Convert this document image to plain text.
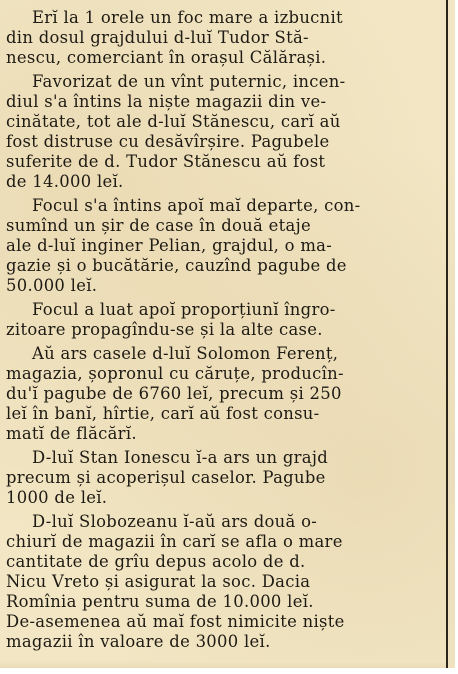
Erĭ la 1 orele un foc mare a izbucnit
din dosul grajdului d-luĭ Tudor Stă-
nescu, comerciant în orașul Călărași.

Favorizat de un vînt puternic, incen-
diul s'a întins la niște magazii din ve-
cinătate, tot ale d-luĭ Stănescu, carĭ aŭ
fost distruse cu desăvîrșire. Pagubele
suferite de d. Tudor Stănescu aŭ fost
de 14.000 leĭ.

Focul s'a întins apoĭ maĭ departe, con-
sumînd un șir de case în două etaje
ale d-luĭ inginer Pelian, grajdul, o ma-
gazie și o bucătărie, cauzînd pagube de
50.000 leĭ.

Focul a luat apoĭ proporțiunĭ îngro-
zitoare propagîndu-se și la alte case.

Aŭ ars casele d-luĭ Solomon Ferenț,
magazia, șopronul cu căruțe, producîn-
du'ĭ pagube de 6760 leĭ, precum și 250
leĭ în banĭ, hîrtie, carĭ aŭ fost consu-
matĭ de flăcărĭ.

D-luĭ Stan Ionescu ĭ-a ars un grajd
precum și acoperișul caselor. Pagube
1000 de leĭ.

D-luĭ Slobozeanu ĭ-aŭ ars două o-
chiurĭ de magazii în carĭ se afla o mare
cantitate de grîu depus acolo de d.
Nicu Vreto și asigurat la soc. Dacia
Romînia pentru suma de 10.000 leĭ.
De-asemenea aŭ maĭ fost nimicite niște
magazii în valoare de 3000 leĭ.
